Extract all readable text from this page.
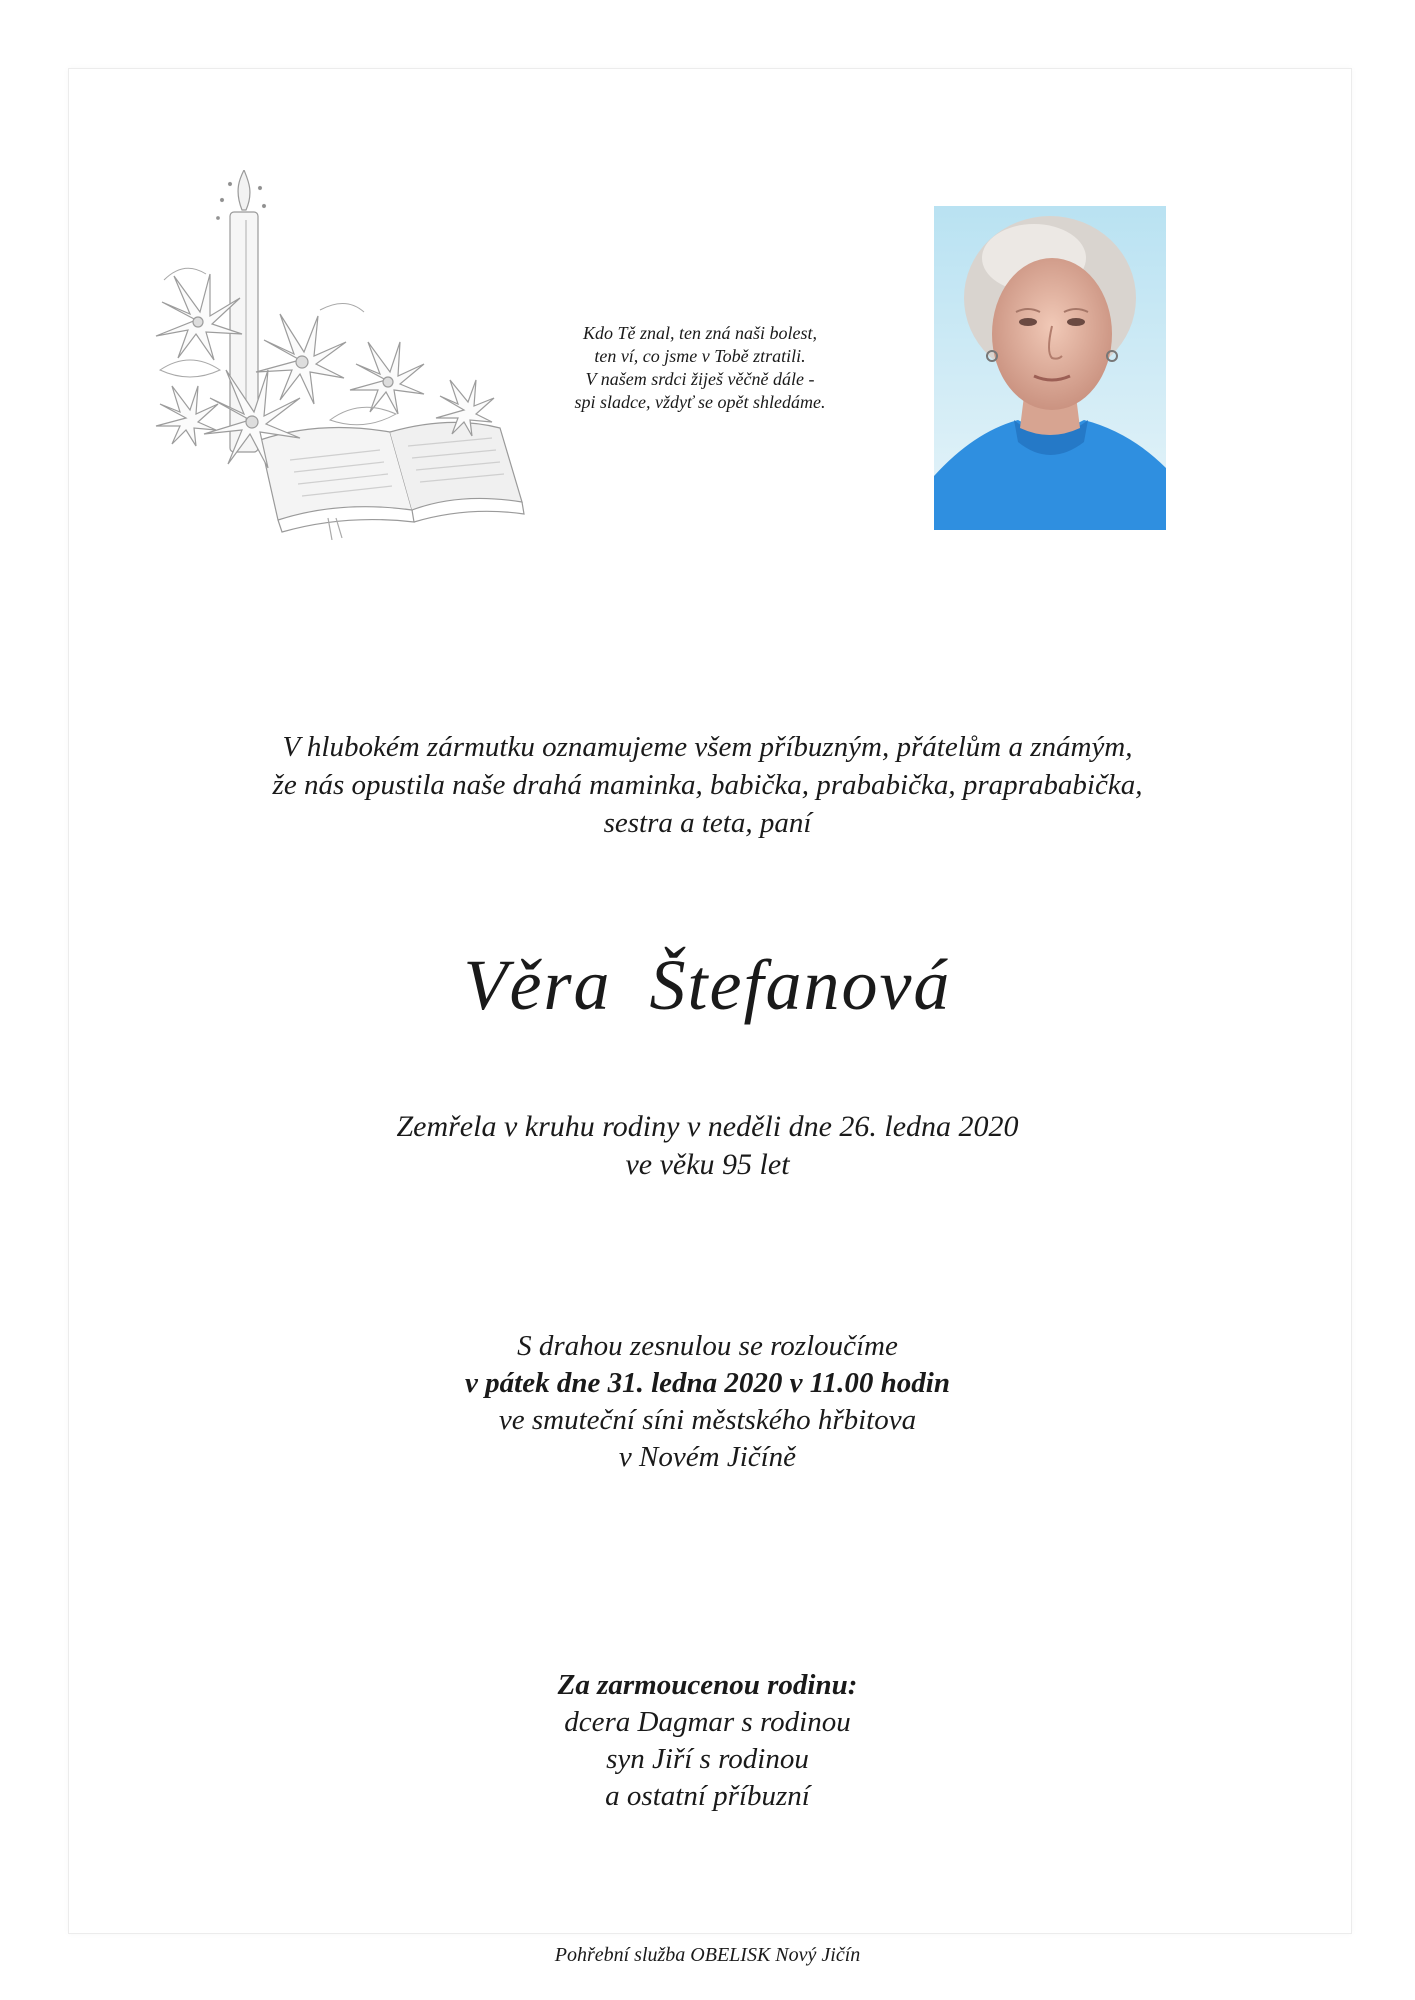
Kdo Tě znal, ten zná naši bolest,
ten ví, co jsme v Tobě ztratili.
V našem srdci žiješ věčně dále -
spi sladce, vždyť se opět shledáme.
V hlubokém zármutku oznamujeme všem příbuzným, přátelům a známým,
že nás opustila naše drahá maminka, babička, prababička, praprababička,
sestra a teta, paní
Věra Štefanová
Zemřela v kruhu rodiny v neděli dne 26. ledna 2020
ve věku 95 let
S drahou zesnulou se rozloučíme
v pátek dne 31. ledna 2020 v 11.00 hodin
ve smuteční síni městského hřbitova
v Novém Jičíně
Za zarmoucenou rodinu:
dcera Dagmar s rodinou
syn Jiří s rodinou
a ostatní příbuzní
Pohřební služba OBELISK Nový Jičín
